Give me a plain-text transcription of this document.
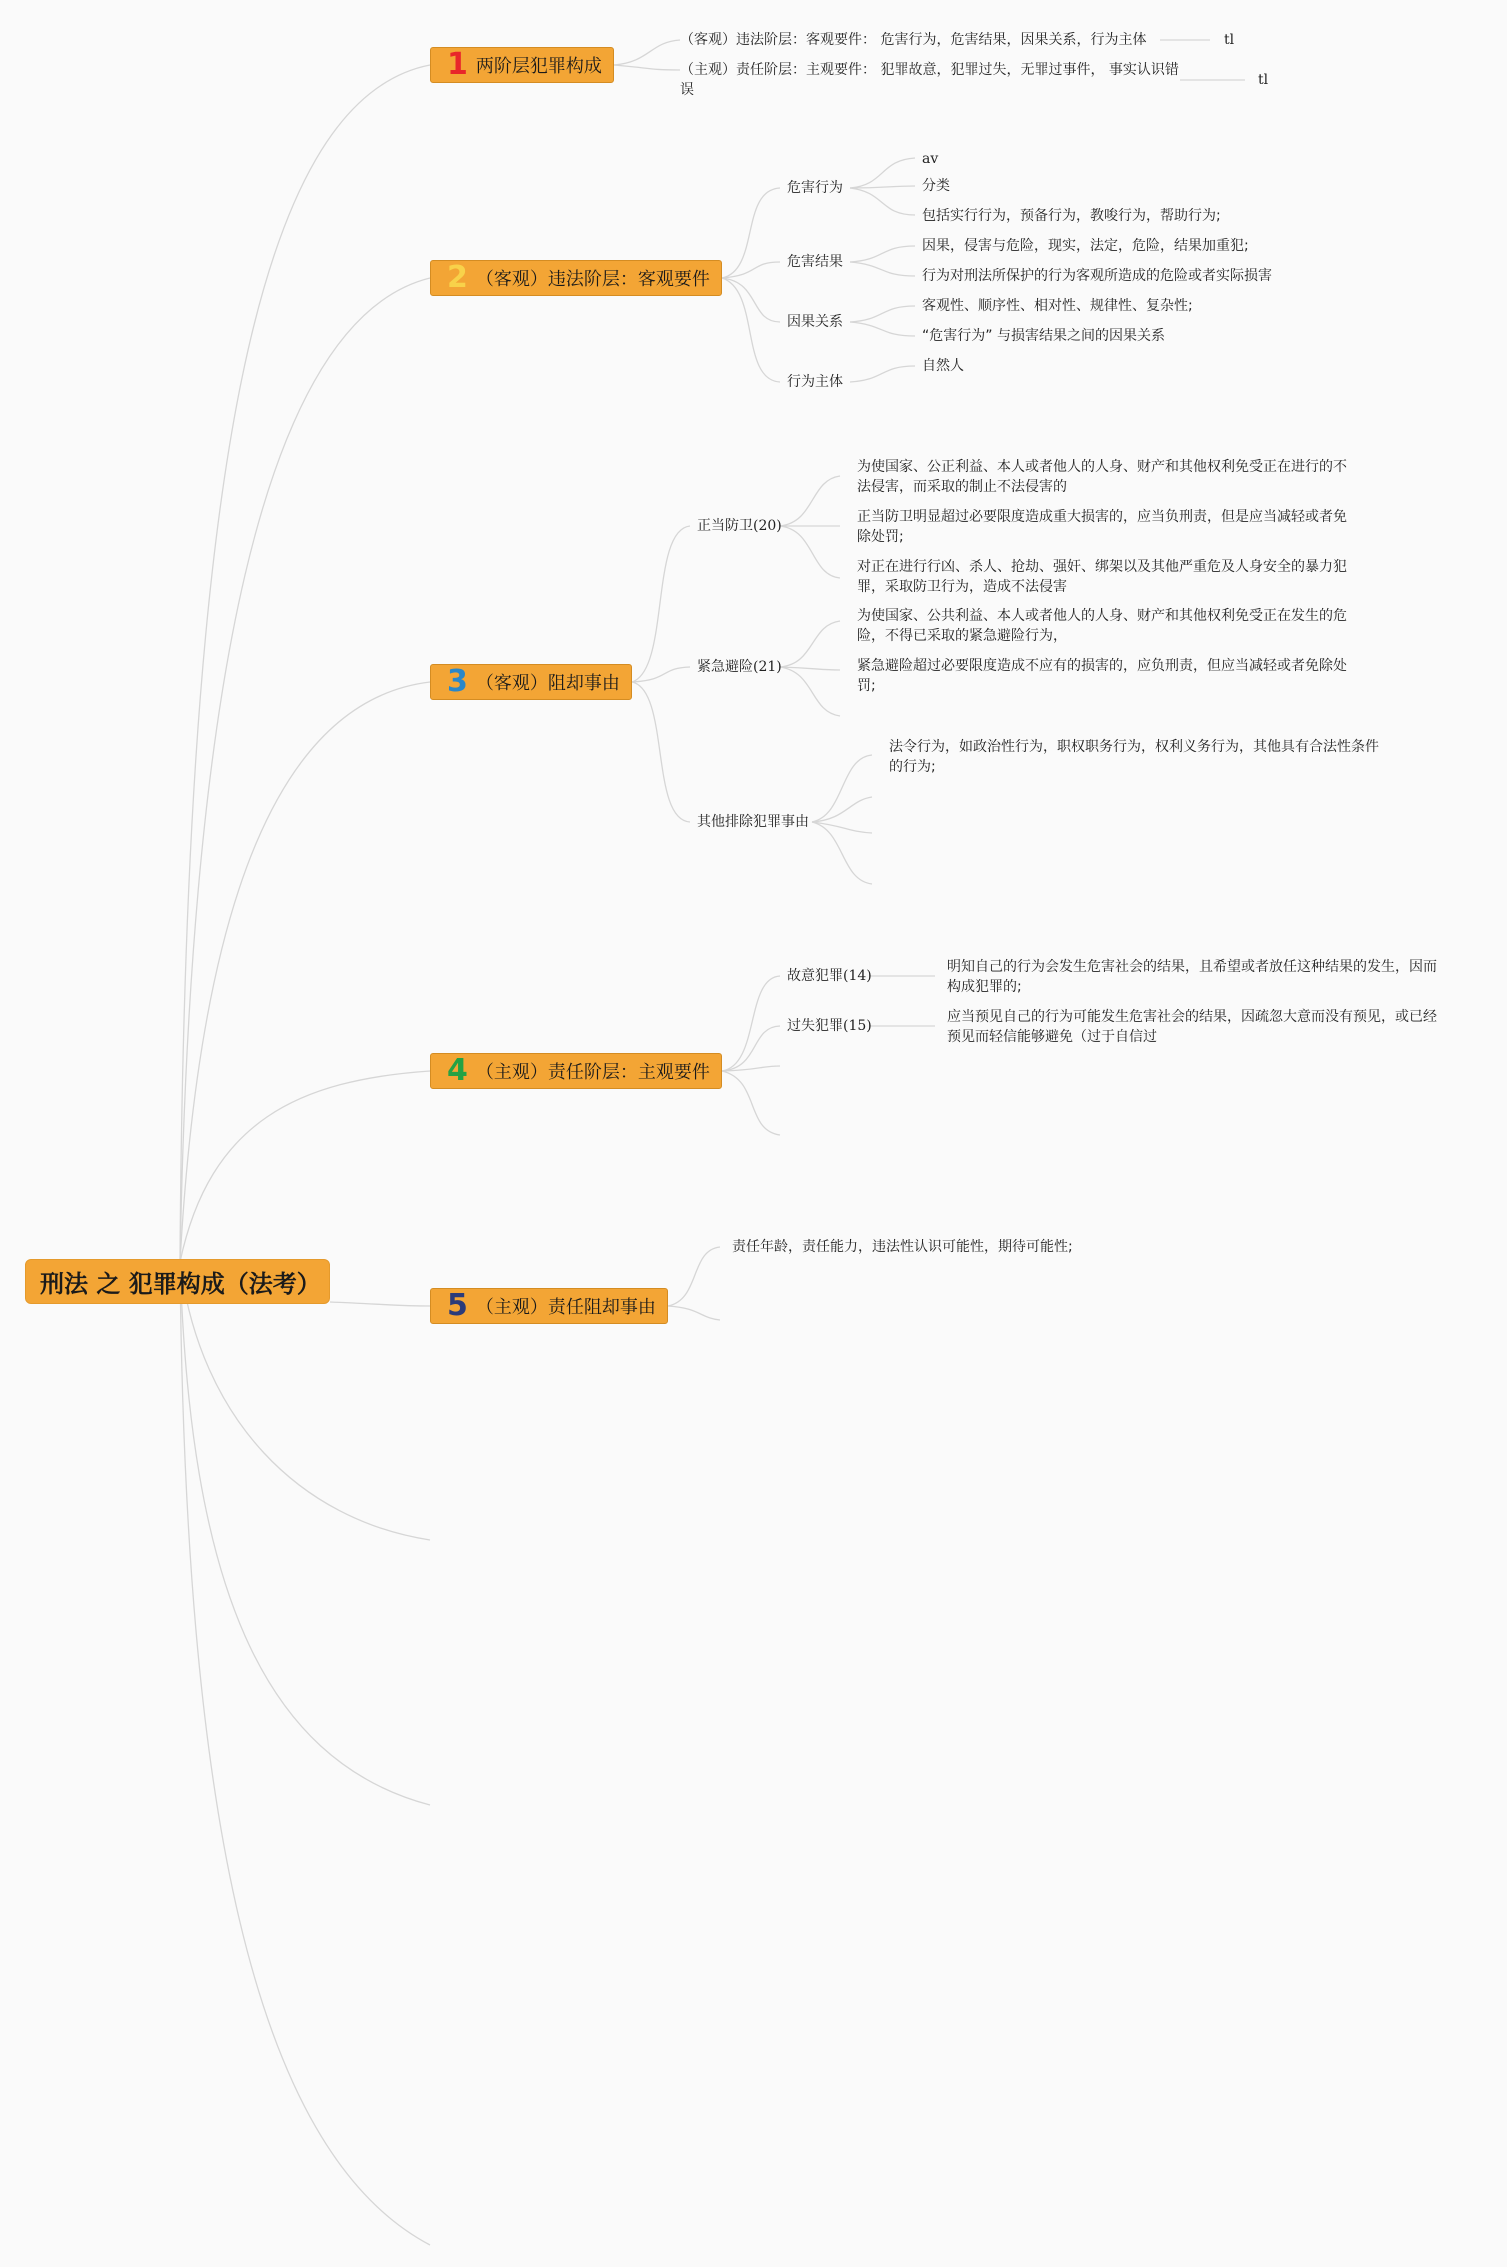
刑法 之 犯罪构成（法考）
1 两阶层犯罪构成
2 （客观）违法阶层：客观要件
3 （客观）阻却事由
4 （主观）责任阶层：主观要件
5 （主观）责任阻却事由
（客观）违法阶层：客观要件： 危害行为，危害结果，因果关系，行为主体	tl
（主观）责任阶层：主观要件： 犯罪故意，犯罪过失，无罪过事件， 事实认识错误
tl
危害行为
av
分类
包括实行行为，预备行为，教唆行为，帮助行为;
危害结果
因果，侵害与危险，现实，法定，危险，结果加重犯;
行为对刑法所保护的行为客观所造成的危险或者实际损害
因果关系
客观性、顺序性、相对性、规律性、复杂性;
“危害行为” 与损害结果之间的因果关系
行为主体
自然人
正当防卫(20)
为使国家、公正利益、本人或者他人的人身、财产和其他权利免受正在进行的不法侵害，而采取的制止不法侵害的
正当防卫明显超过必要限度造成重大损害的，应当负刑责，但是应当减轻或者免除处罚;
对正在进行行凶、杀人、抢劫、强奸、绑架以及其他严重危及人身安全的暴力犯罪，采取防卫行为，造成不法侵害
紧急避险(21)
为使国家、公共利益、本人或者他人的人身、财产和其他权利免受正在发生的危险，不得已采取的紧急避险行为，
紧急避险超过必要限度造成不应有的损害的，应负刑责，但应当减轻或者免除处罚;
其他排除犯罪事由
法令行为，如政治性行为，职权职务行为，权利义务行为，其他具有合法性条件的行为;
故意犯罪(14)
明知自己的行为会发生危害社会的结果，且希望或者放任这种结果的发生，因而构成犯罪的;
过失犯罪(15)
应当预见自己的行为可能发生危害社会的结果，因疏忽大意而没有预见，或已经预见而轻信能够避免（过于自信过
责任年龄，责任能力，违法性认识可能性，期待可能性;
